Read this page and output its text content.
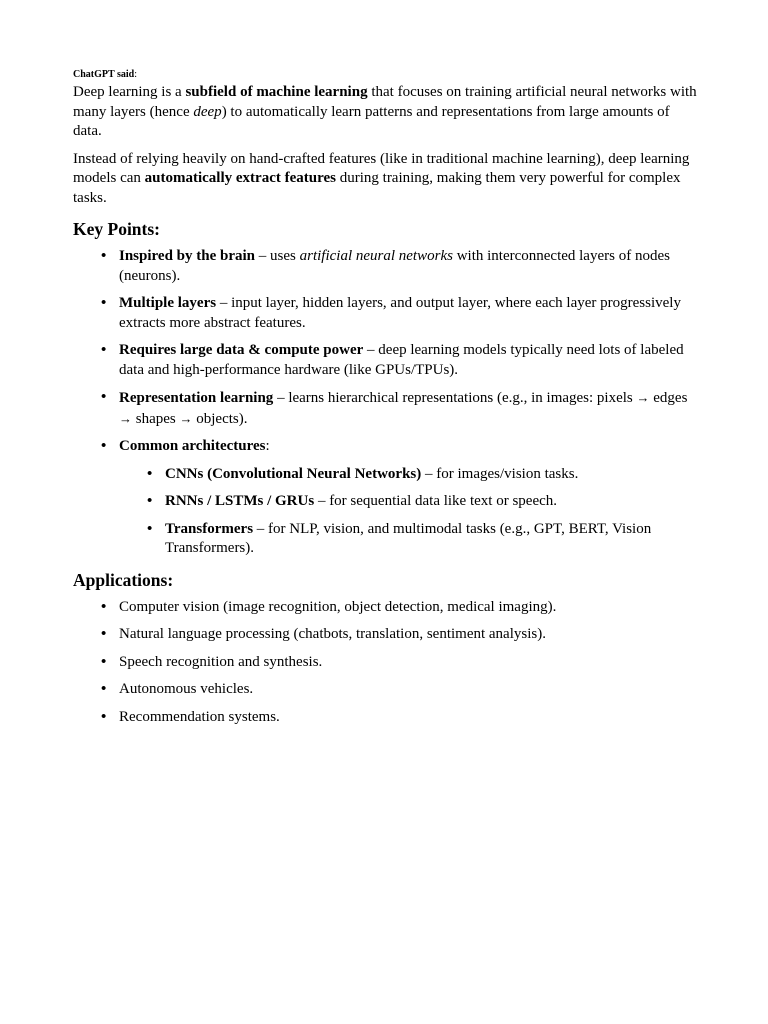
ChatGPT said:

Deep learning is a subfield of machine learning that focuses on training artificial neural networks with many layers (hence deep) to automatically learn patterns and representations from large amounts of data.

Instead of relying heavily on hand-crafted features (like in traditional machine learning), deep learning models can automatically extract features during training, making them very powerful for complex tasks.

Key Points:
• Inspired by the brain – uses artificial neural networks with interconnected layers of nodes (neurons).
• Multiple layers – input layer, hidden layers, and output layer, where each layer progressively extracts more abstract features.
• Requires large data & compute power – deep learning models typically need lots of labeled data and high-performance hardware (like GPUs/TPUs).
• Representation learning – learns hierarchical representations (e.g., in images: pixels → edges → shapes → objects).
• Common architectures:
• CNNs (Convolutional Neural Networks) – for images/vision tasks.
• RNNs / LSTMs / GRUs – for sequential data like text or speech.
• Transformers – for NLP, vision, and multimodal tasks (e.g., GPT, BERT, Vision Transformers).
Applications:
• Computer vision (image recognition, object detection, medical imaging).
• Natural language processing (chatbots, translation, sentiment analysis).
• Speech recognition and synthesis.
• Autonomous vehicles.
• Recommendation systems.
